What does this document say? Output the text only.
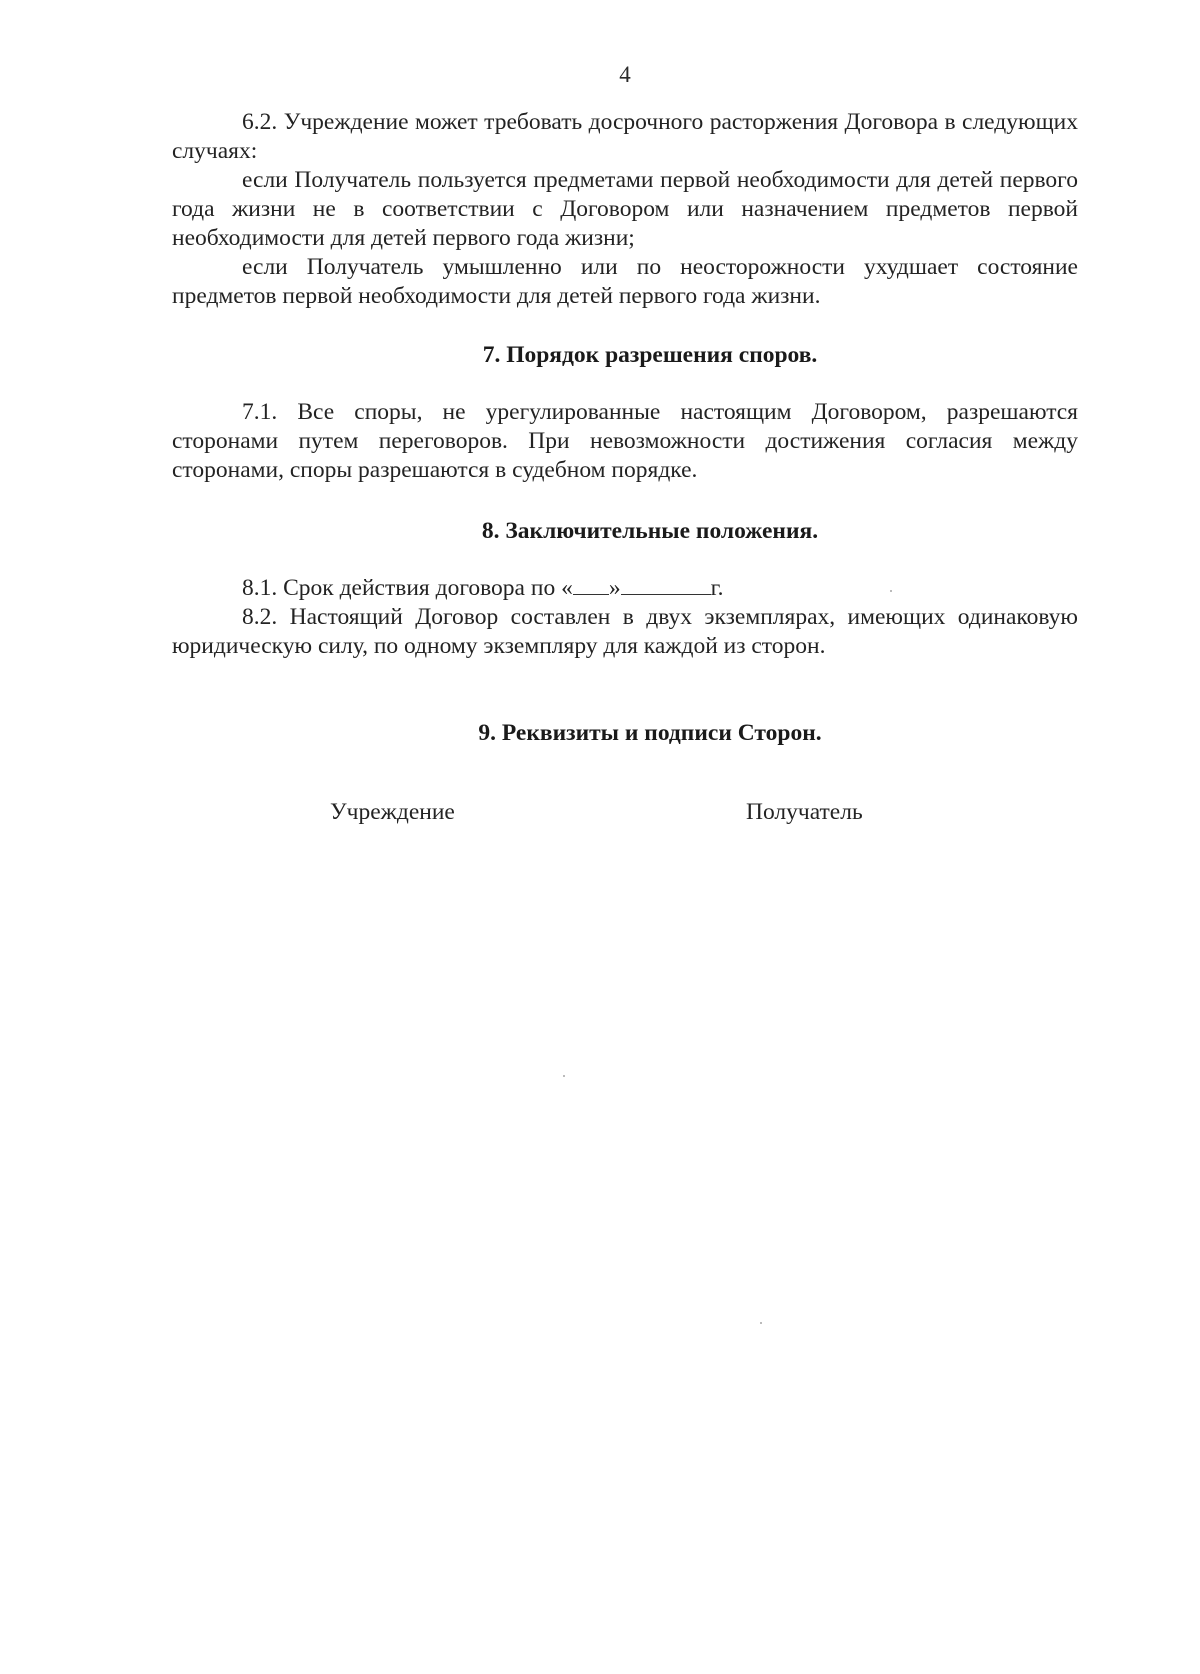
4

6.2. Учреждение может требовать досрочного расторжения Договора в следующих случаях:

если Получатель пользуется предметами первой необходимости для детей первого года жизни не в соответствии с Договором или назначением предметов первой необходимости для детей первого года жизни;

если Получатель умышленно или по неосторожности ухудшает состояние предметов первой необходимости для детей первого года жизни.

7. Порядок разрешения споров.

7.1. Все споры, не урегулированные настоящим Договором, разрешаются сторонами путем переговоров. При невозможности достижения согласия между сторонами, споры разрешаются в судебном порядке.

8. Заключительные положения.

8.1. Срок действия договора по « »	г.

8.2. Настоящий Договор составлен в двух экземплярах, имеющих одинаковую юридическую силу, по одному экземпляру для каждой из сторон.

9. Реквизиты и подписи Сторон.

Учреждение	Получатель
